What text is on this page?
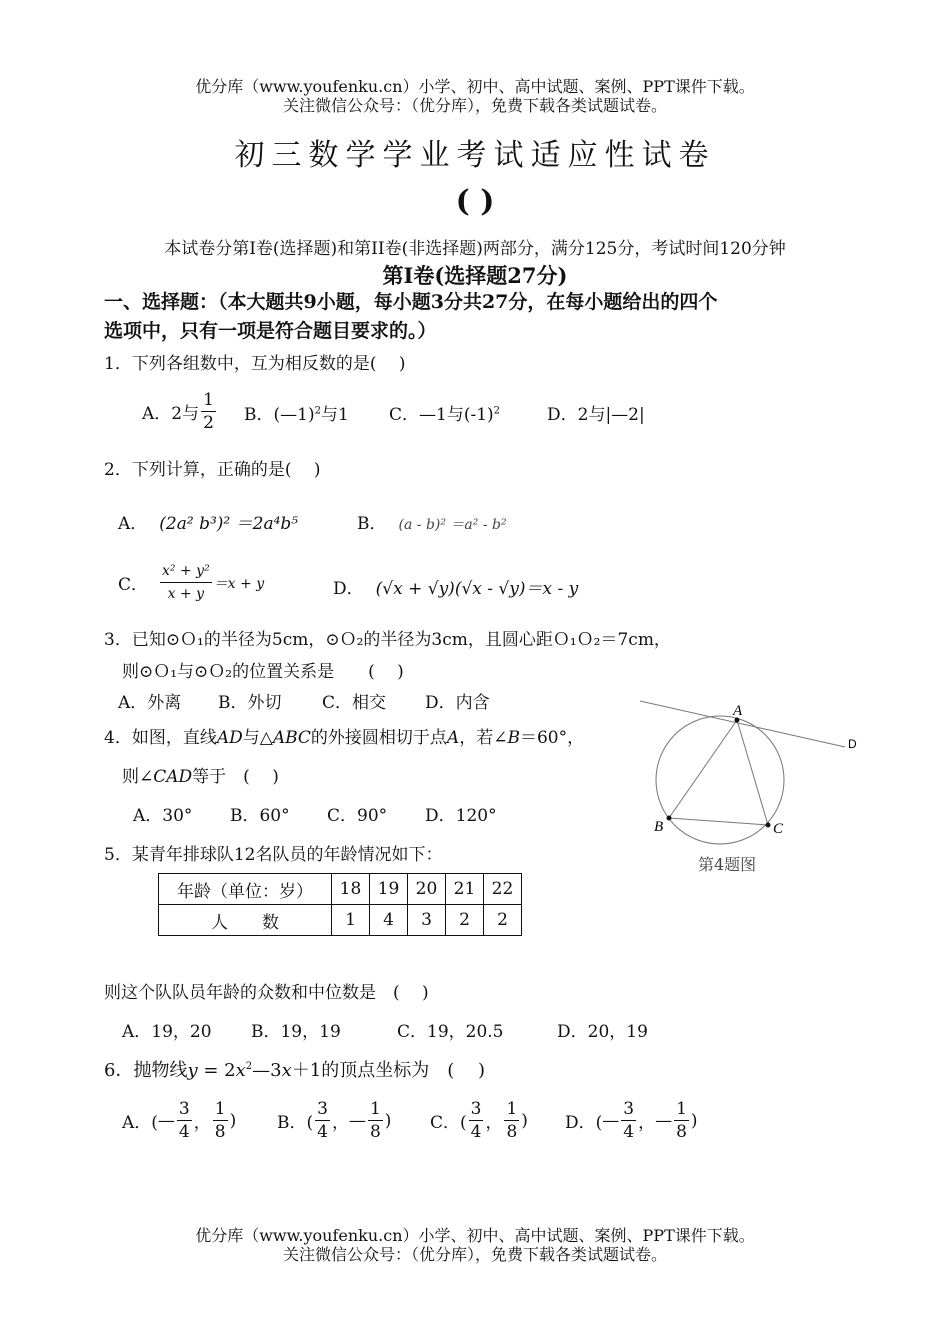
优分库（www.youfenku.cn）小学、初中、高中试题、案例、PPT课件下载。
关注微信公众号：（优分库），免费下载各类试题试卷。
初三数学学业考试适应性试卷
( )
本试卷分第Ⅰ卷(选择题)和第II卷(非选择题)两部分，满分125分，考试时间120分钟
第Ⅰ卷(选择题27分)
一、选择题：（本大题共9小题，每小题3分共27分，在每小题给出的四个
选项中，只有一项是符合题目要求的。）
1．下列各组数中，互为相反数的是(　 )
A．2与 $\frac{1}{2}$ B．(—1)$^2$与1 C．—1与$(-1)^2$	D．2与|—2|
2．下列计算，正确的是(　 )
A． (2a² b³)² ＝2a⁴b⁵	B． (a - b)² ＝a² - b²
C． $\frac{\text{x² + y²}}{x + y} =x + y$	D． (√x + √y)(√x - √y)＝x - y
3．已知⊙Ｏ₁的半径为5cm，⊙Ｏ₂的半径为3cm，且圆心距Ｏ₁Ｏ₂＝7cm，
则⊙Ｏ₁与⊙Ｏ₂的位置关系是　　(　 )
A．外离 B．外切 C．相交 D．内含
4．如图，直线AD与△ABC的外接圆相切于点A，若∠B＝60°，
则∠CAD等于　(　 )
A．30° B．60° C．90° D．120°
A
B	C
D
第4题图
5．某青年排球队12名队员的年龄情况如下：
年龄（单位：岁）	18	19	20	21	22
人　　数	1	4	3	2	2
则这个队队员年龄的众数和中位数是　(　 )
A．19，20 B．19，19	C．19，20.5	D．20，19
6．抛物线$y = 2x^2—3x+1$的顶点坐标为　(　 )
A．( — $\frac{3}{4}$ ， $\frac{1}{8}$ ) B．( $\frac{3}{4}$ ， — $\frac{1}{8}$ ) C．( $\frac{3}{4}$ ， $\frac{1}{8}$ ) D．( — $\frac{3}{4}$ ， — $\frac{1}{8}$ )
优分库（www.youfenku.cn）小学、初中、高中试题、案例、PPT课件下载。
关注微信公众号：（优分库），免费下载各类试题试卷。
